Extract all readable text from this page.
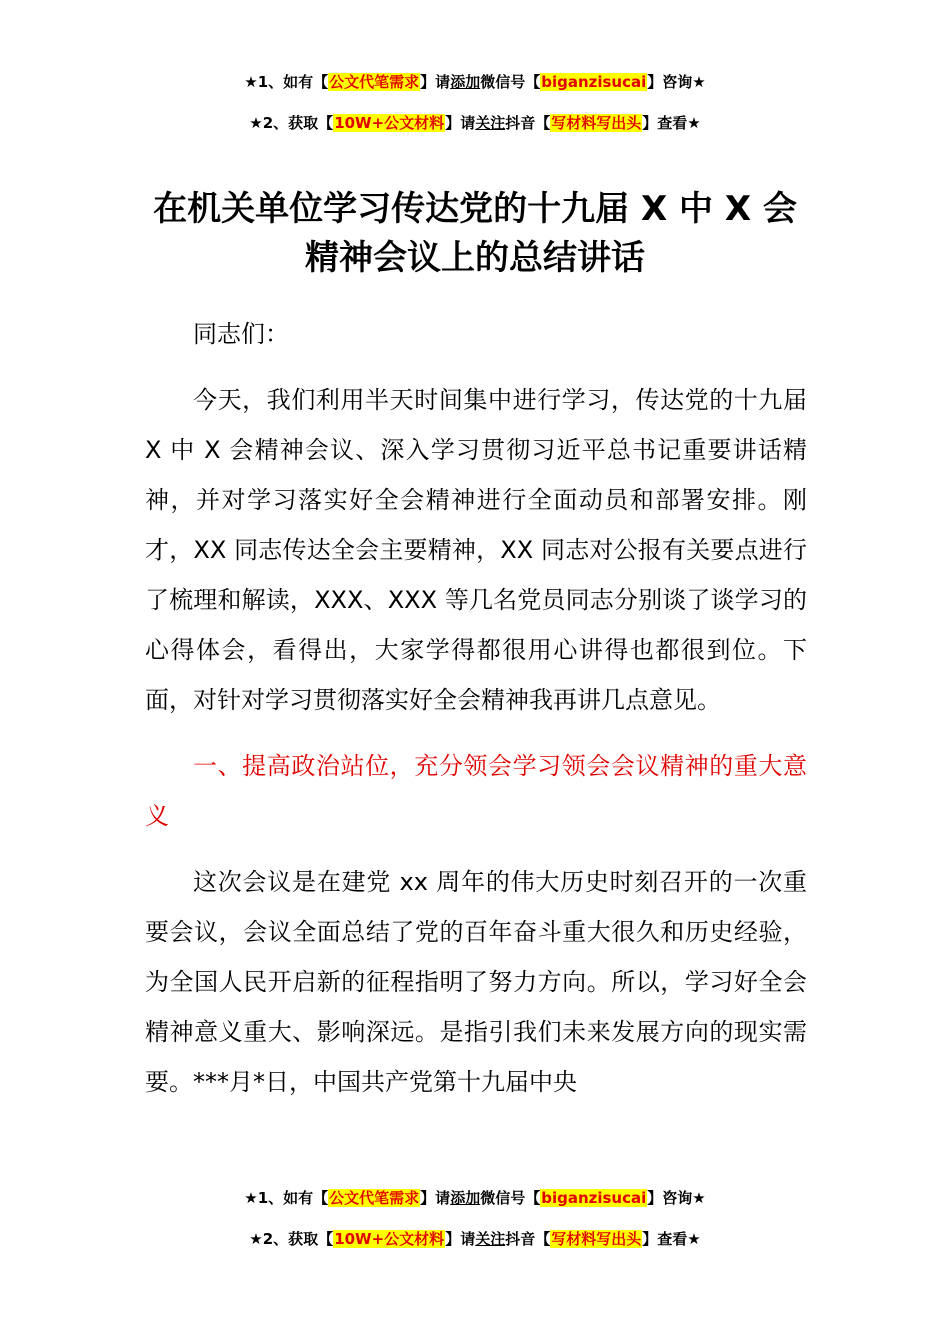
★1、如有【公文代笔需求】请添加微信号【biganzisucai】咨询★
★2、获取【10W+公文材料】请关注抖音【写材料写出头】查看★
在机关单位学习传达党的十九届 X 中 X 会
精神会议上的总结讲话

同志们：

今天，我们利用半天时间集中进行学习，传达党的十九届 X 中 X 会精神会议、深入学习贯彻习近平总书记重要讲话精神，并对学习落实好全会精神进行全面动员和部署安排。刚才，XX 同志传达全会主要精神，XX 同志对公报有关要点进行了梳理和解读，XXX、XXX 等几名党员同志分别谈了谈学习的心得体会，看得出，大家学得都很用心讲得也都很到位。下面，对针对学习贯彻落实好全会精神我再讲几点意见。

一、提高政治站位，充分领会学习领会会议精神的重大意义

这次会议是在建党 xx 周年的伟大历史时刻召开的一次重要会议，会议全面总结了党的百年奋斗重大很久和历史经验，为全国人民开启新的征程指明了努力方向。所以，学习好全会精神意义重大、影响深远。是指引我们未来发展方向的现实需要。***月*日，中国共产党第十九届中央

★1、如有【公文代笔需求】请添加微信号【biganzisucai】咨询★
★2、获取【10W+公文材料】请关注抖音【写材料写出头】查看★
